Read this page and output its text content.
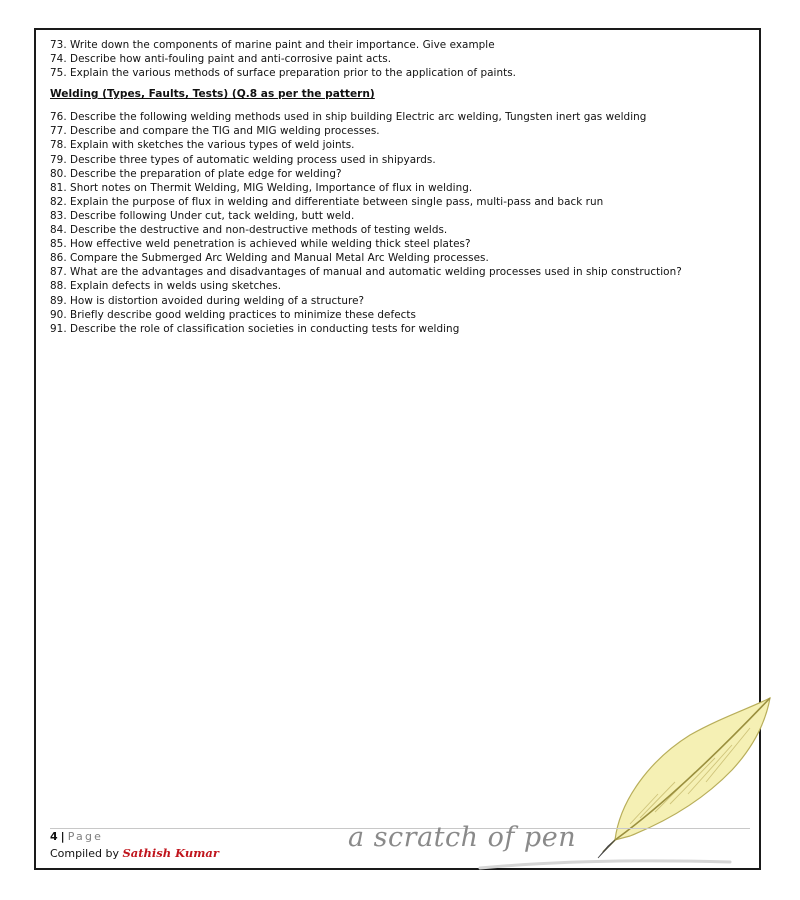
73. Write down the components of marine paint and their importance. Give example
74. Describe how anti-fouling paint and anti-corrosive paint acts.
75. Explain the various methods of surface preparation prior to the application of paints.
Welding (Types, Faults, Tests) (Q.8 as per the pattern)
76. Describe the following welding methods used in ship building Electric arc welding, Tungsten inert gas welding
77. Describe and compare the TIG and MIG welding processes.
78. Explain with sketches the various types of weld joints.
79. Describe three types of automatic welding process used in shipyards.
80. Describe the preparation of plate edge for welding?
81. Short notes on Thermit Welding, MIG Welding, Importance of flux in welding.
82. Explain the purpose of flux in welding and differentiate between single pass, multi-pass and back run
83. Describe following Under cut, tack welding, butt weld.
84. Describe the destructive and non-destructive methods of testing welds.
85. How effective weld penetration is achieved while welding thick steel plates?
86. Compare the Submerged Arc Welding and Manual Metal Arc Welding processes.
87. What are the advantages and disadvantages of manual and automatic welding processes used in ship construction?
88. Explain defects in welds using sketches.
89. How is distortion avoided during welding of a structure?
90. Briefly describe good welding practices to minimize these defects
91. Describe the role of classification societies in conducting tests for welding
4 | Page
Compiled by Sathish Kumar	a scratch of pen
